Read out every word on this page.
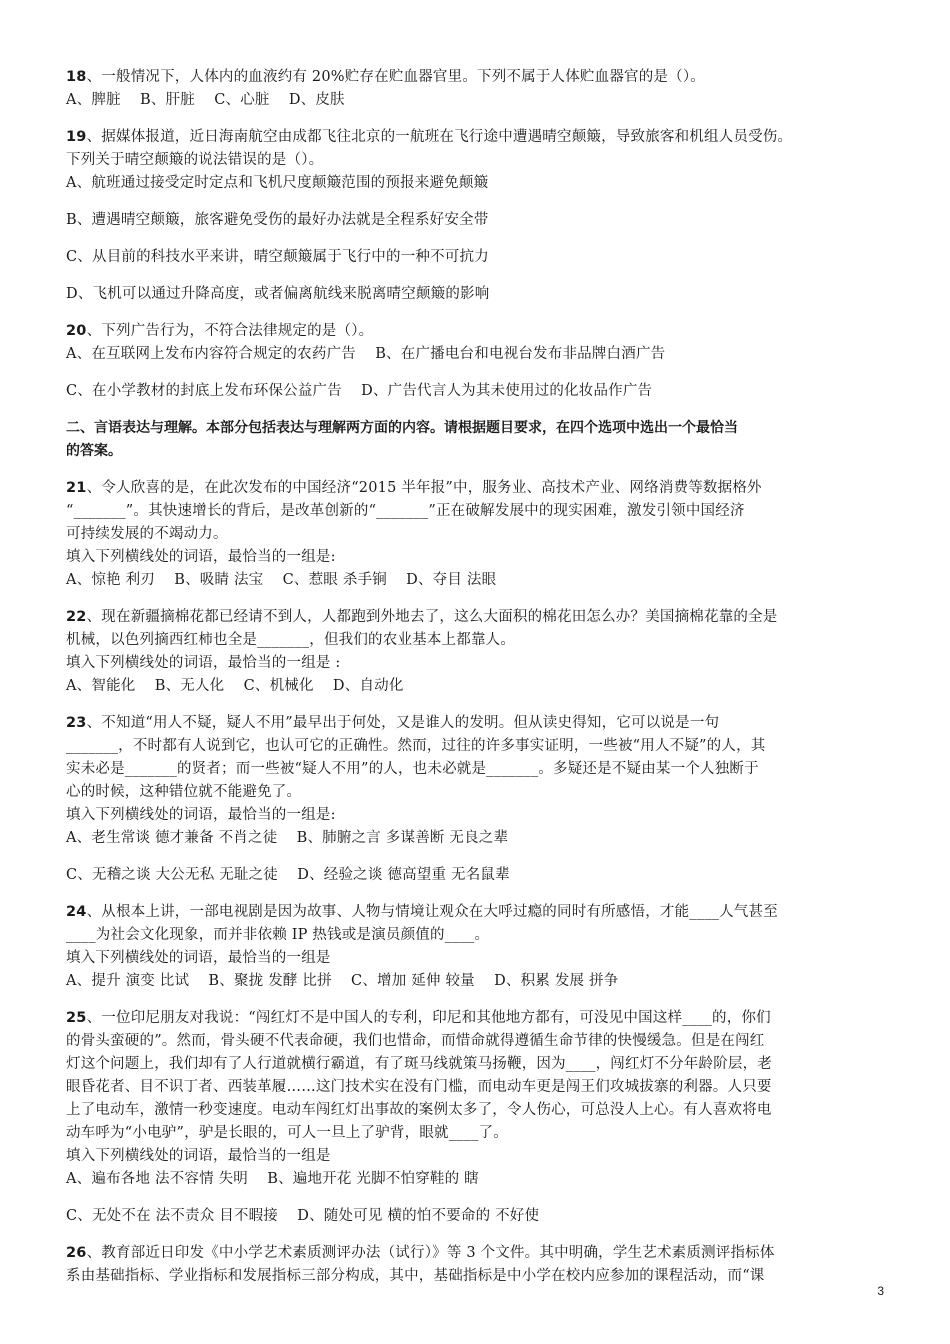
18、一般情况下，人体内的血液约有 20%贮存在贮血器官里。下列不属于人体贮血器官的是（）。
A、脾脏    B、肝脏    C、心脏    D、皮肤
19、据媒体报道，近日海南航空由成都飞往北京的一航班在飞行途中遭遇晴空颠簸，导致旅客和机组人员受伤。
下列关于晴空颠簸的说法错误的是（）。
A、航班通过接受定时定点和飞机尺度颠簸范围的预报来避免颠簸
B、遭遇晴空颠簸，旅客避免受伤的最好办法就是全程系好安全带
C、从目前的科技水平来讲，晴空颠簸属于飞行中的一种不可抗力
D、飞机可以通过升降高度，或者偏离航线来脱离晴空颠簸的影响
20、下列广告行为，不符合法律规定的是（）。
A、在互联网上发布内容符合规定的农药广告    B、在广播电台和电视台发布非品牌白酒广告
C、在小学教材的封底上发布环保公益广告    D、广告代言人为其未使用过的化妆品作广告
二、言语表达与理解。本部分包括表达与理解两方面的内容。请根据题目要求，在四个选项中选出一个最恰当
的答案。
21、令人欣喜的是，在此次发布的中国经济“2015 半年报”中，服务业、高技术产业、网络消费等数据格外
“_______”。其快速增长的背后，是改革创新的“_______”正在破解发展中的现实困难，激发引领中国经济
可持续发展的不竭动力。
填入下列横线处的词语，最恰当的一组是:
A、惊艳 利刃    B、吸睛 法宝    C、惹眼 杀手锏    D、夺目 法眼
22、现在新疆摘棉花都已经请不到人，人都跑到外地去了，这么大面积的棉花田怎么办？美国摘棉花靠的全是
机械，以色列摘西红柿也全是_______，但我们的农业基本上都靠人。
填入下列横线处的词语，最恰当的一组是 :
A、智能化    B、无人化    C、机械化    D、自动化
23、不知道“用人不疑，疑人不用”最早出于何处，又是谁人的发明。但从读史得知，它可以说是一句
_______，不时都有人说到它，也认可它的正确性。然而，过往的许多事实证明，一些被“用人不疑”的人，其
实未必是_______的贤者；而一些被“疑人不用”的人，也未必就是_______。多疑还是不疑由某一个人独断于
心的时候，这种错位就不能避免了。
填入下列横线处的词语，最恰当的一组是:
A、老生常谈 德才兼备 不肖之徒    B、肺腑之言 多谋善断 无良之辈
C、无稽之谈 大公无私 无耻之徒    D、经验之谈 德高望重 无名鼠辈
24、从根本上讲，一部电视剧是因为故事、人物与情境让观众在大呼过瘾的同时有所感悟，才能____人气甚至
____为社会文化现象，而并非依赖 IP 热钱或是演员颜值的____。
填入下列横线处的词语，最恰当的一组是
A、提升 演变 比试    B、聚拢 发酵 比拼    C、增加 延伸 较量    D、积累 发展 拼争
25、一位印尼朋友对我说：“闯红灯不是中国人的专利，印尼和其他地方都有，可没见中国这样____的，你们
的骨头蛮硬的”。然而，骨头硬不代表命硬，我们也惜命，而惜命就得遵循生命节律的快慢缓急。但是在闯红
灯这个问题上，我们却有了人行道就横行霸道，有了斑马线就策马扬鞭，因为____，闯红灯不分年龄阶层，老
眼昏花者、目不识丁者、西装革履……这门技术实在没有门槛，而电动车更是闯王们攻城拔寨的利器。人只要
上了电动车，激情一秒变速度。电动车闯红灯出事故的案例太多了，令人伤心，可总没人上心。有人喜欢将电
动车呼为“小电驴”，驴是长眼的，可人一旦上了驴背，眼就____了。
填入下列横线处的词语，最恰当的一组是
A、遍布各地 法不容情 失明    B、遍地开花 光脚不怕穿鞋的 瞎
C、无处不在 法不责众 目不暇接    D、随处可见 横的怕不要命的 不好使
26、教育部近日印发《中小学艺术素质测评办法（试行）》等 3 个文件。其中明确，学生艺术素质测评指标体
系由基础指标、学业指标和发展指标三部分构成，其中，基础指标是中小学在校内应参加的课程活动，而“课
3
